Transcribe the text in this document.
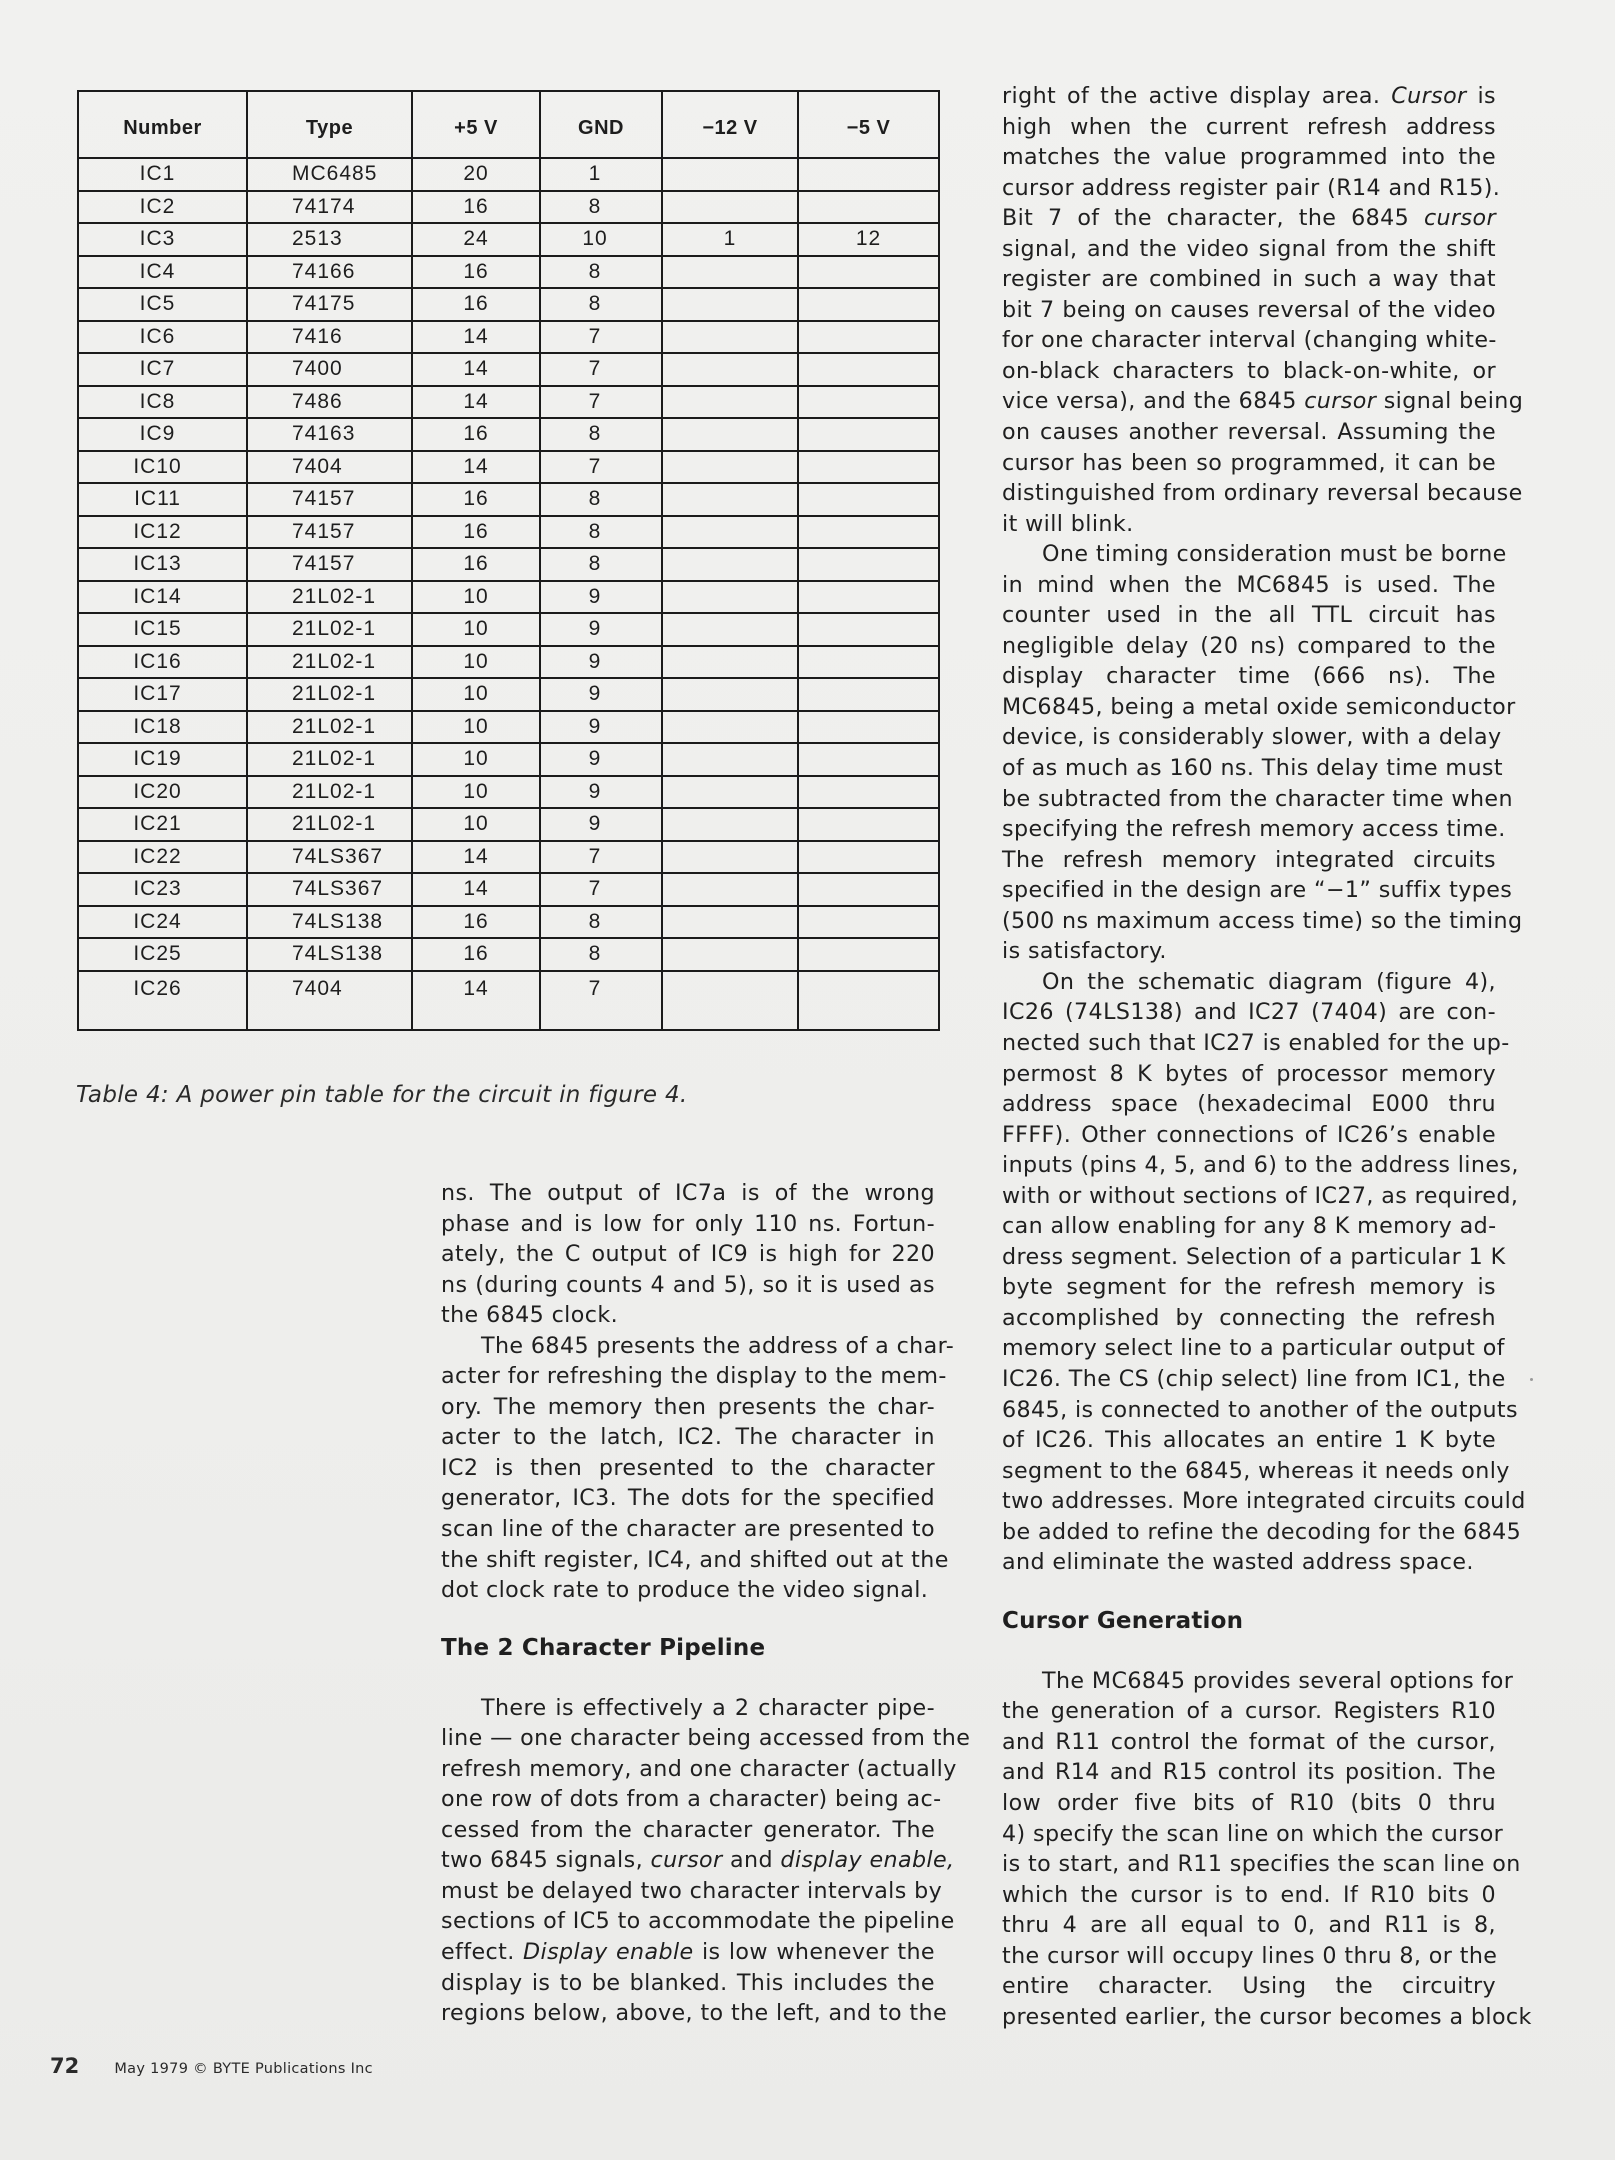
Number	Type	+5 V	GND	−12 V	−5 V
IC1	MC6485	20	1		
IC2	74174	16	8		
IC3	2513	24	10	1	12
IC4	74166	16	8		
IC5	74175	16	8		
IC6	7416	14	7		
IC7	7400	14	7		
IC8	7486	14	7		
IC9	74163	16	8		
IC10	7404	14	7		
IC11	74157	16	8		
IC12	74157	16	8		
IC13	74157	16	8		
IC14	21L02-1	10	9		
IC15	21L02-1	10	9		
IC16	21L02-1	10	9		
IC17	21L02-1	10	9		
IC18	21L02-1	10	9		
IC19	21L02-1	10	9		
IC20	21L02-1	10	9		
IC21	21L02-1	10	9		
IC22	74LS367	14	7		
IC23	74LS367	14	7		
IC24	74LS138	16	8		
IC25	74LS138	16	8		
IC26	7404	14	7		
Table 4: A power pin table for the circuit in figure 4.
ns. The output of IC7a is of the wrong
phase and is low for only 110 ns. Fortun-
ately, the C output of IC9 is high for 220
ns (during counts 4 and 5), so it is used as
the 6845 clock.
The 6845 presents the address of a char-
acter for refreshing the display to the mem-
ory. The memory then presents the char-
acter to the latch, IC2. The character in
IC2 is then presented to the character
generator, IC3. The dots for the specified
scan line of the character are presented to
the shift register, IC4, and shifted out at the
dot clock rate to produce the video signal.
The 2 Character Pipeline
There is effectively a 2 character pipe-
line — one character being accessed from the
refresh memory, and one character (actually
one row of dots from a character) being ac-
cessed from the character generator. The
two 6845 signals, cursor and display enable,
must be delayed two character intervals by
sections of IC5 to accommodate the pipeline
effect. Display enable is low whenever the
display is to be blanked. This includes the
regions below, above, to the left, and to the
right of the active display area. Cursor is
high when the current refresh address
matches the value programmed into the
cursor address register pair (R14 and R15).
Bit 7 of the character, the 6845 cursor
signal, and the video signal from the shift
register are combined in such a way that
bit 7 being on causes reversal of the video
for one character interval (changing white-
on-black characters to black-on-white, or
vice versa), and the 6845 cursor signal being
on causes another reversal. Assuming the
cursor has been so programmed, it can be
distinguished from ordinary reversal because
it will blink.
One timing consideration must be borne
in mind when the MC6845 is used. The
counter used in the all TTL circuit has
negligible delay (20 ns) compared to the
display character time (666 ns). The
MC6845, being a metal oxide semiconductor
device, is considerably slower, with a delay
of as much as 160 ns. This delay time must
be subtracted from the character time when
specifying the refresh memory access time.
The refresh memory integrated circuits
specified in the design are “−1” suffix types
(500 ns maximum access time) so the timing
is satisfactory.
On the schematic diagram (figure 4),
IC26 (74LS138) and IC27 (7404) are con-
nected such that IC27 is enabled for the up-
permost 8 K bytes of processor memory
address space (hexadecimal E000 thru
FFFF). Other connections of IC26’s enable
inputs (pins 4, 5, and 6) to the address lines,
with or without sections of IC27, as required,
can allow enabling for any 8 K memory ad-
dress segment. Selection of a particular 1 K
byte segment for the refresh memory is
accomplished by connecting the refresh
memory select line to a particular output of
IC26. The CS (chip select) line from IC1, the
6845, is connected to another of the outputs
of IC26. This allocates an entire 1 K byte
segment to the 6845, whereas it needs only
two addresses. More integrated circuits could
be added to refine the decoding for the 6845
and eliminate the wasted address space.
Cursor Generation
The MC6845 provides several options for
the generation of a cursor. Registers R10
and R11 control the format of the cursor,
and R14 and R15 control its position. The
low order five bits of R10 (bits 0 thru
4) specify the scan line on which the cursor
is to start, and R11 specifies the scan line on
which the cursor is to end. If R10 bits 0
thru 4 are all equal to 0, and R11 is 8,
the cursor will occupy lines 0 thru 8, or the
entire character. Using the circuitry
presented earlier, the cursor becomes a block
72 May 1979 © BYTE Publications Inc
